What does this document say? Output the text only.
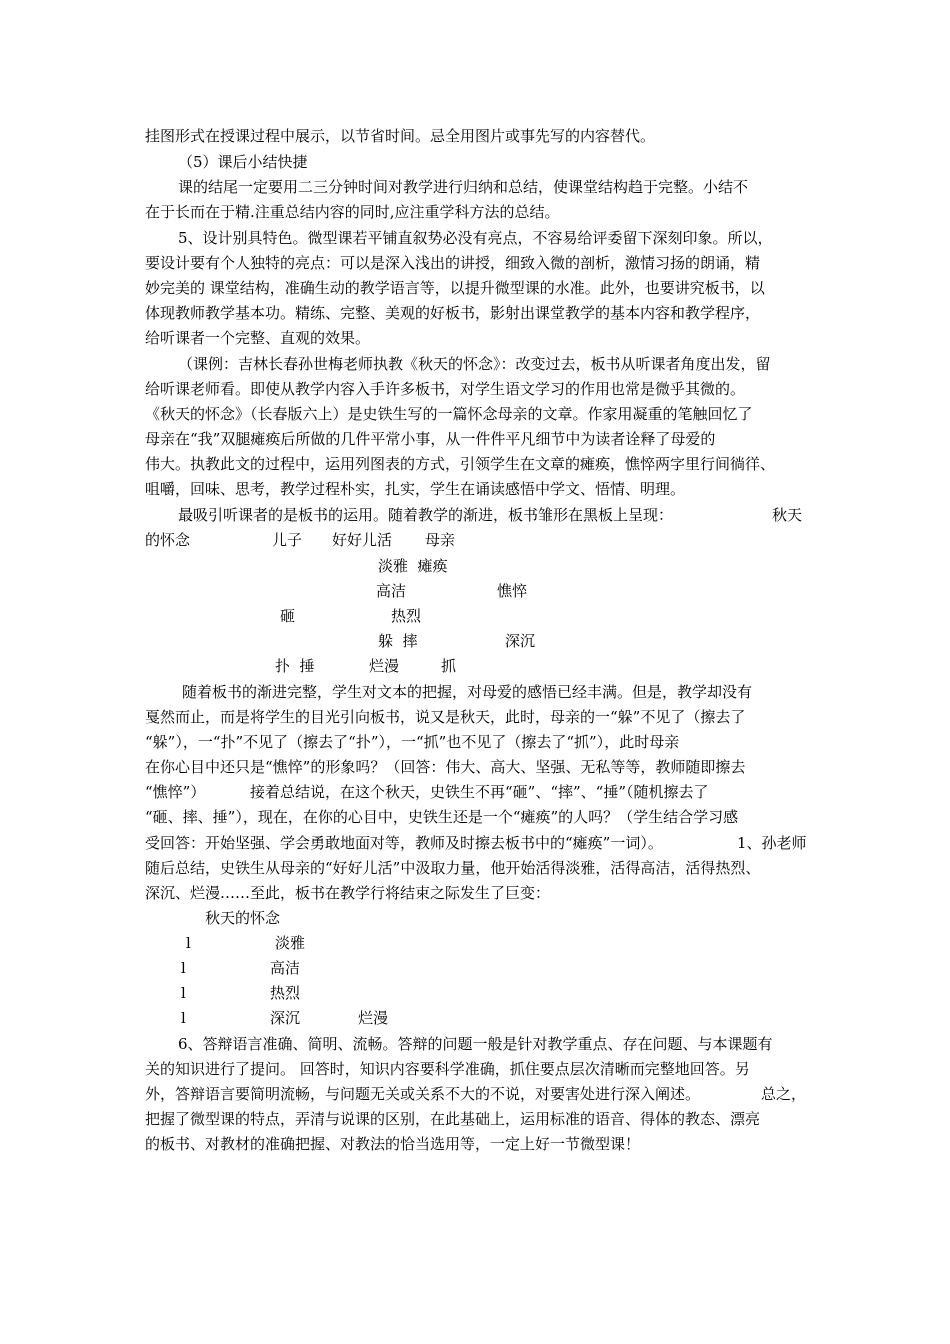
挂图形式在授课过程中展示，以节省时间。忌全用图片或事先写的内容替代。
（5）课后小结快捷
课的结尾一定要用二三分钟时间对教学进行归纳和总结，使课堂结构趋于完整。小结不
在于长而在于精.注重总结内容的同时,应注重学科方法的总结。
5、设计别具特色。微型课若平铺直叙势必没有亮点，不容易给评委留下深刻印象。所以，
要设计要有个人独特的亮点：可以是深入浅出的讲授，细致入微的剖析，激情习扬的朗诵，精
妙完美的 课堂结构，准确生动的教学语言等，以提升微型课的水准。此外，也要讲究板书，以
体现教师教学基本功。精练、完整、美观的好板书，影射出课堂教学的基本内容和教学程序，
给听课者一个完整、直观的效果。
（课例：吉林长春孙世梅老师执教《秋天的怀念》：改变过去，板书从听课者角度出发，留
给听课老师看。即使从教学内容入手许多板书，对学生语文学习的作用也常是微乎其微的。
《秋天的怀念》（长春版六上）是史铁生写的一篇怀念母亲的文章。作家用凝重的笔触回忆了
母亲在“我”双腿瘫痪后所做的几件平常小事，从一件件平凡细节中为读者诠释了母爱的
伟大。执教此文的过程中，运用列图表的方式，引领学生在文章的瘫痪，憔悴两字里行间徜徉、
咀嚼，回味、思考，教学过程朴实，扎实，学生在诵读感悟中学文、悟情、明理。
最吸引听课者的是板书的运用。随着教学的渐进，板书雏形在黑板上呈现：	秋天
的怀念	儿子 好好儿活 母亲
淡雅  瘫痪
高洁	憔悴
砸	热烈
躲  摔	深沉
扑  捶	烂漫	抓
随着板书的渐进完整，学生对文本的把握，对母爱的感悟已经丰满。但是，教学却没有
戛然而止，而是将学生的目光引向板书，说又是秋天，此时，母亲的一“躲”不见了（擦去了
“躲”），一“扑”不见了（擦去了“扑”），一“抓”也不见了（擦去了“抓”），此时母亲
在你心目中还只是“憔悴”的形象吗？（回答：伟大、高大、坚强、无私等等，教师随即擦去
“憔悴”）	接着总结说，在这个秋天，史铁生不再“砸”、“摔”、“捶”（随机擦去了
“砸、摔、捶”），现在，在你的心目中，史铁生还是一个“瘫痪”的人吗？（学生结合学习感
受回答：开始坚强、学会勇敢地面对等，教师及时擦去板书中的“瘫痪”一词）。	1、孙老师
随后总结，史铁生从母亲的“好好儿活”中汲取力量，他开始活得淡雅，活得高洁，活得热烈、
深沉、烂漫……至此，板书在教学行将结束之际发生了巨变：
秋天的怀念
l	淡雅
l	高洁
l	热烈
l	深沉	烂漫
6、答辩语言准确、简明、流畅。答辩的问题一般是针对教学重点、存在问题、与本课题有
关的知识进行了提问。 回答时，知识内容要科学准确，抓住要点层次清晰而完整地回答。另
外，答辩语言要简明流畅，与问题无关或关系不大的不说，对要害处进行深入阐述。	总之，
把握了微型课的特点，弄清与说课的区别，在此基础上，运用标准的语音、得体的教态、漂亮
的板书、对教材的准确把握、对教法的恰当选用等，一定上好一节微型课！
